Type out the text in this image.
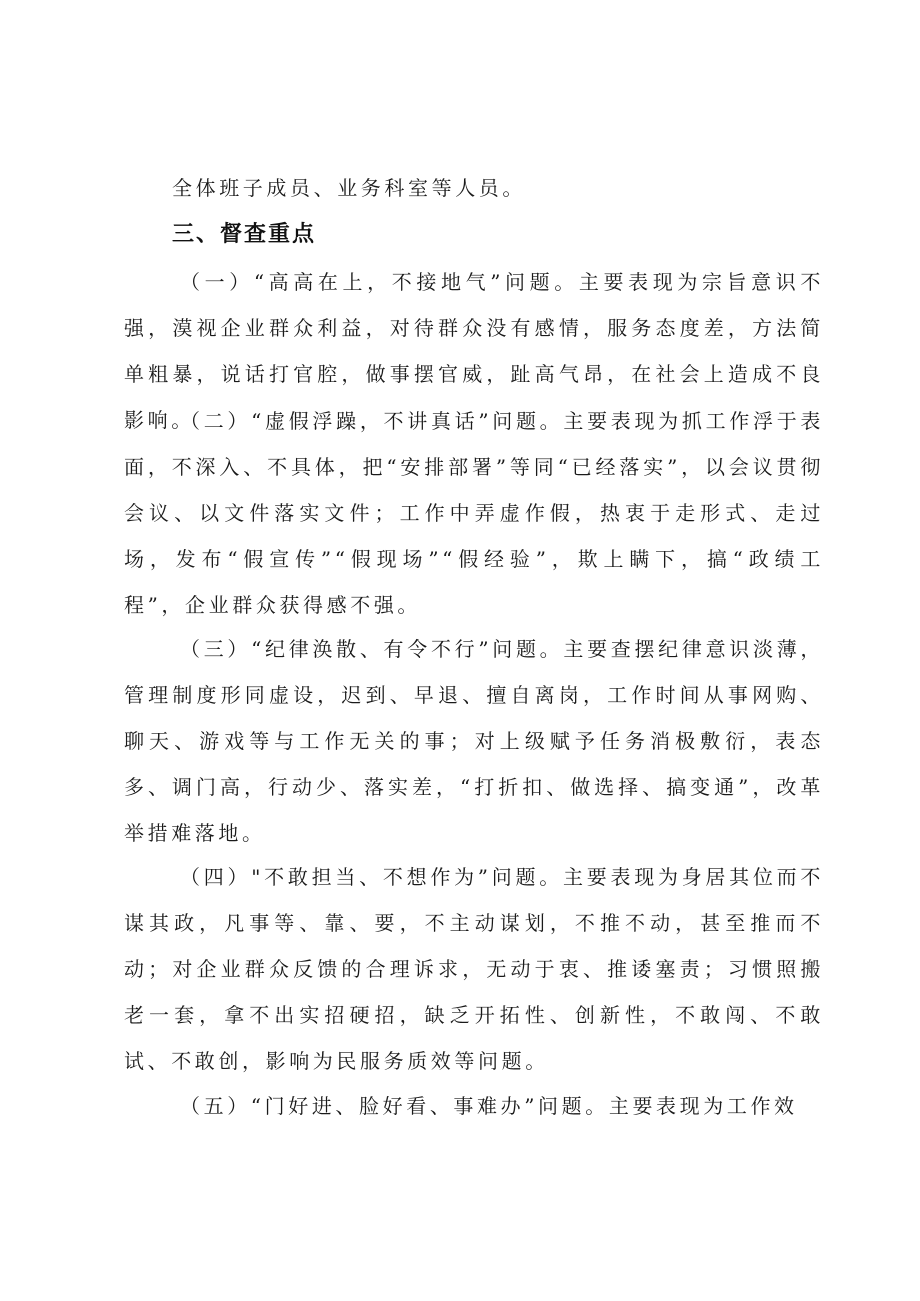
全体班子成员、业务科室等人员。
三、督查重点
（一）“高高在上，不接地气”问题。主要表现为宗旨意识不强，漠视企业群众利益，对待群众没有感情，服务态度差，方法简单粗暴，说话打官腔，做事摆官威，趾高气昂，在社会上造成不良影响。
（二）“虚假浮躁，不讲真话”问题。主要表现为抓工作浮于表面，不深入、不具体，把“安排部署”等同“已经落实”，以会议贯彻会议、以文件落实文件；工作中弄虚作假，热衷于走形式、走过场，发布“假宣传”“假现场”“假经验”，欺上瞒下，搞“政绩工程”，企业群众获得感不强。
（三）“纪律涣散、有令不行”问题。主要查摆纪律意识淡薄，管理制度形同虚设，迟到、早退、擅自离岗，工作时间从事网购、聊天、游戏等与工作无关的事；对上级赋予任务消极敷衍，表态多、调门高，行动少、落实差，“打折扣、做选择、搞变通”，改革举措难落地。
（四）"不敢担当、不想作为”问题。主要表现为身居其位而不谋其政，凡事等、靠、要，不主动谋划，不推不动，甚至推而不动；对企业群众反馈的合理诉求，无动于衷、推诿塞责；习惯照搬老一套，拿不出实招硬招，缺乏开拓性、创新性，不敢闯、不敢试、不敢创，影响为民服务质效等问题。
（五）“门好进、脸好看、事难办”问题。主要表现为工作效
